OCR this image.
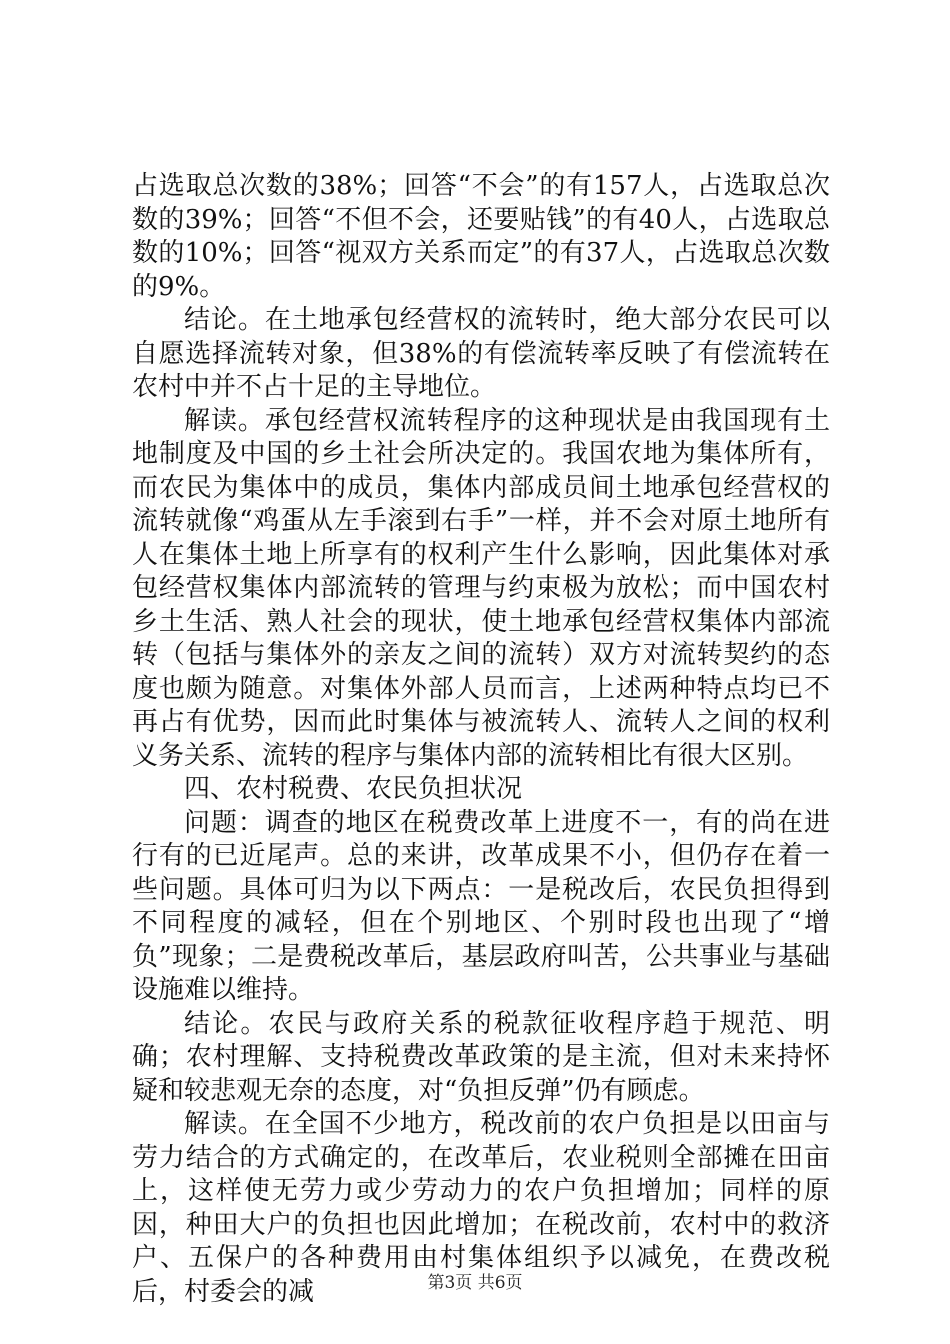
占选取总次数的38%；回答“不会”的有157人，占选取总次数的39%；回答“不但不会，还要贴钱”的有40人，占选取总数的10%；回答“视双方关系而定”的有37人，占选取总次数的9%。

结论。在土地承包经营权的流转时，绝大部分农民可以自愿选择流转对象，但38%的有偿流转率反映了有偿流转在农村中并不占十足的主导地位。

解读。承包经营权流转程序的这种现状是由我国现有土地制度及中国的乡土社会所决定的。我国农地为集体所有，而农民为集体中的成员，集体内部成员间土地承包经营权的流转就像“鸡蛋从左手滚到右手”一样，并不会对原土地所有人在集体土地上所享有的权利产生什么影响，因此集体对承包经营权集体内部流转的管理与约束极为放松；而中国农村乡土生活、熟人社会的现状，使土地承包经营权集体内部流转（包括与集体外的亲友之间的流转）双方对流转契约的态度也颇为随意。对集体外部人员而言，上述两种特点均已不再占有优势，因而此时集体与被流转人、流转人之间的权利义务关系、流转的程序与集体内部的流转相比有很大区别。

四、农村税费、农民负担状况

问题：调查的地区在税费改革上进度不一，有的尚在进行有的已近尾声。总的来讲，改革成果不小，但仍存在着一些问题。具体可归为以下两点：一是税改后，农民负担得到不同程度的减轻，但在个别地区、个别时段也出现了“增负”现象；二是费税改革后，基层政府叫苦，公共事业与基础设施难以维持。

结论。农民与政府关系的税款征收程序趋于规范、明确；农村理解、支持税费改革政策的是主流，但对未来持怀疑和较悲观无奈的态度，对“负担反弹”仍有顾虑。

解读。在全国不少地方，税改前的农户负担是以田亩与劳力结合的方式确定的，在改革后，农业税则全部摊在田亩上，这样使无劳力或少劳动力的农户负担增加；同样的原因，种田大户的负担也因此增加；在税改前，农村中的救济户、五保户的各种费用由村集体组织予以减免，在费改税后，村委会的减	第3页 共6页
